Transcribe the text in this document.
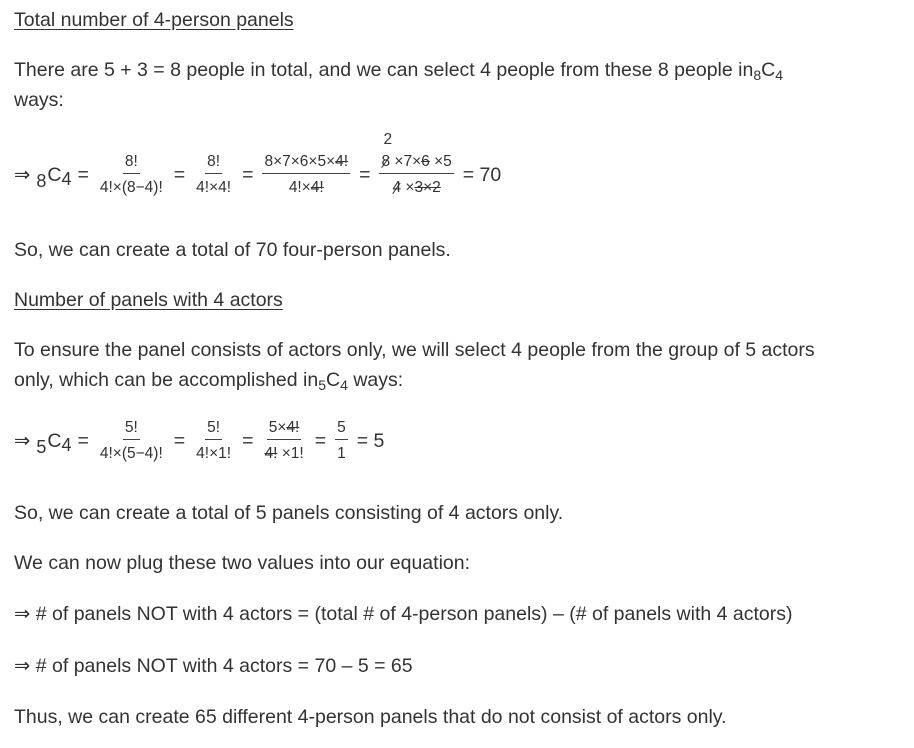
Total number of 4-person panels
There are 5 + 3 = 8 people in total, and we can select 4 people from these 8 people $in_8C_4$
ways:
⇒ $8C_4 = \frac{8!}{4!\times(8-4)!} = \frac{8!}{4!\times 4!} = \frac{8\times 7\times 6\times 5\times 4!}{4!\times 4!} = 2$
8 ×7×6 ×5
4 ×3×2 = 70
So, we can create a total of 70 four-person panels.
Number of panels with 4 actors
To ensure the panel consists of actors only, we will select 4 people from the group of 5 actors
only, which can be accomplished $in_5C_4$ ways:
⇒ $5C_4 = \frac{5!}{4!\times(5-4)!} = \frac{5!}{4!\times 1!} = \frac{5\times 4!}{4! \times 1!} = \frac{5}{1} = 5$
So, we can create a total of 5 panels consisting of 4 actors only.
We can now plug these two values into our equation:
⇒ # of panels NOT with 4 actors = (total # of 4-person panels) – (# of panels with 4 actors)
⇒ # of panels NOT with 4 actors = 70 – 5 = 65
Thus, we can create 65 different 4-person panels that do not consist of actors only.
